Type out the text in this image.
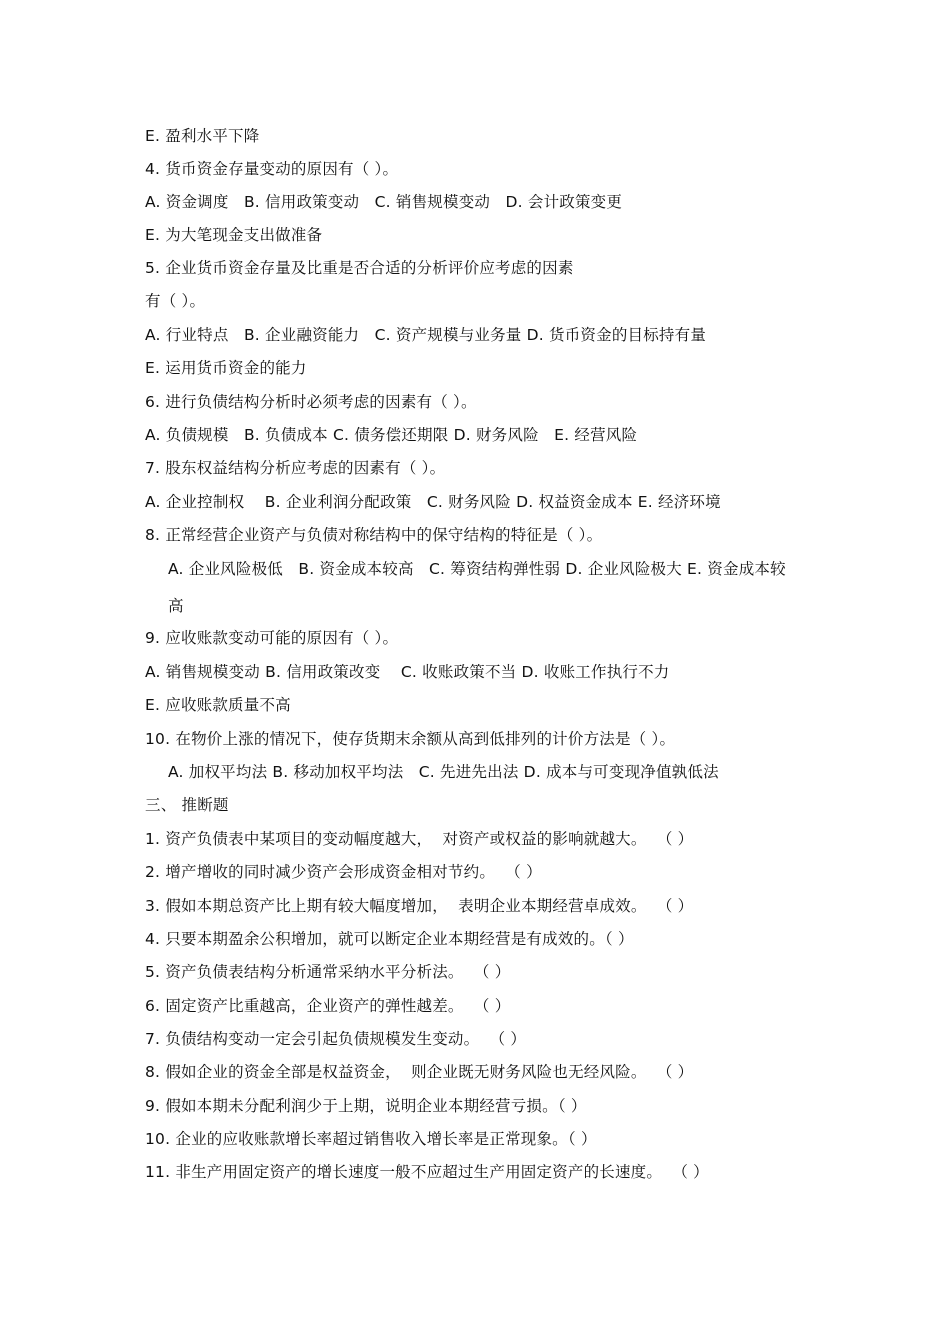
E. 盈利水平下降
4. 货币资金存量变动的原因有（ ）。
A. 资金调度   B. 信用政策变动   C. 销售规模变动   D. 会计政策变更
E. 为大笔现金支出做准备
5. 企业货币资金存量及比重是否合适的分析评价应考虑的因素
有（ ）。
A. 行业特点   B. 企业融资能力   C. 资产规模与业务量 D. 货币资金的目标持有量
E. 运用货币资金的能力
6. 进行负债结构分析时必须考虑的因素有（ ）。
A. 负债规模   B. 负债成本 C. 债务偿还期限 D. 财务风险   E. 经营风险
7. 股东权益结构分析应考虑的因素有（ ）。
A. 企业控制权    B. 企业利润分配政策   C. 财务风险 D. 权益资金成本 E. 经济环境
8. 正常经营企业资产与负债对称结构中的保守结构的特征是（ ）。
A. 企业风险极低   B. 资金成本较高   C. 筹资结构弹性弱 D. 企业风险极大 E. 资金成本较
高
9. 应收账款变动可能的原因有（ ）。
A. 销售规模变动 B. 信用政策改变    C. 收账政策不当 D. 收账工作执行不力
E. 应收账款质量不高
10. 在物价上涨的情况下，使存货期末余额从高到低排列的计价方法是（ ）。
A. 加权平均法 B. 移动加权平均法   C. 先进先出法 D. 成本与可变现净值孰低法
三、 推断题
1. 资产负债表中某项目的变动幅度越大，  对资产或权益的影响就越大。  （ ）
2. 增产增收的同时减少资产会形成资金相对节约。  （ ）
3. 假如本期总资产比上期有较大幅度增加，  表明企业本期经营卓成效。  （ ）
4. 只要本期盈余公积增加，就可以断定企业本期经营是有成效的。（ ）
5. 资产负债表结构分析通常采纳水平分析法。  （ ）
6. 固定资产比重越高，企业资产的弹性越差。  （ ）
7. 负债结构变动一定会引起负债规模发生变动。  （ ）
8. 假如企业的资金全部是权益资金，  则企业既无财务风险也无经风险。  （ ）
9. 假如本期未分配利润少于上期，说明企业本期经营亏损。（ ）
10. 企业的应收账款增长率超过销售收入增长率是正常现象。（ ）
11. 非生产用固定资产的增长速度一般不应超过生产用固定资产的长速度。  （ ）
